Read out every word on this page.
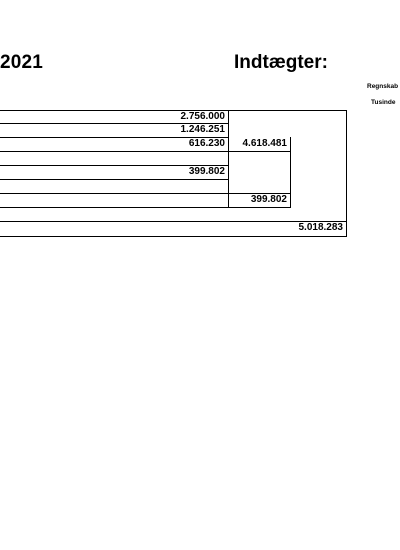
2021	Indtægter:
Regnskab
Tusinde
2.756.000
1.246.251
616.230	4.618.481
399.802
399.802
5.018.283
